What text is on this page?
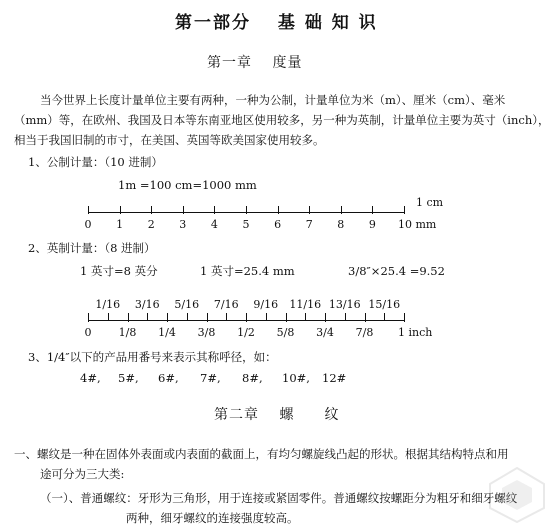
第一部分　 基 础 知 识
第一章　 度量
当今世界上长度计量单位主要有两种，一种为公制，计量单位为米（m）、厘米（cm）、毫米
（mm）等，在欧州、我国及日本等东南亚地区使用较多，另一种为英制，计量单位主要为英寸（inch），
相当于我国旧制的市寸，在美国、英国等欧美国家使用较多。
1、公制计量：（10 进制）
1m =100 cm=1000 mm
1 cm
0 1 2 3 4 5 6 7 8 9 10 mm
2、英制计量：（8 进制）
1 英寸=8 英分	1 英寸=25.4 mm	3/8″×25.4 =9.52
1/16 3/16 5/16 7/16 9/16 11/16 13/16 15/16
0 1/8 1/4 3/8 1/2 5/8 3/4 7/8 1 inch
3、1/4″以下的产品用番号来表示其称呼径，如：
4#, 5#, 6#, 7#, 8#, 10#, 12#
第二章　 螺　　纹
一、螺纹是一种在固体外表面或内表面的截面上，有均匀螺旋线凸起的形状。根据其结构特点和用
途可分为三大类:
（一）、普通螺纹：牙形为三角形，用于连接或紧固零件。普通螺纹按螺距分为粗牙和细牙螺纹
两种，细牙螺纹的连接强度较高。
